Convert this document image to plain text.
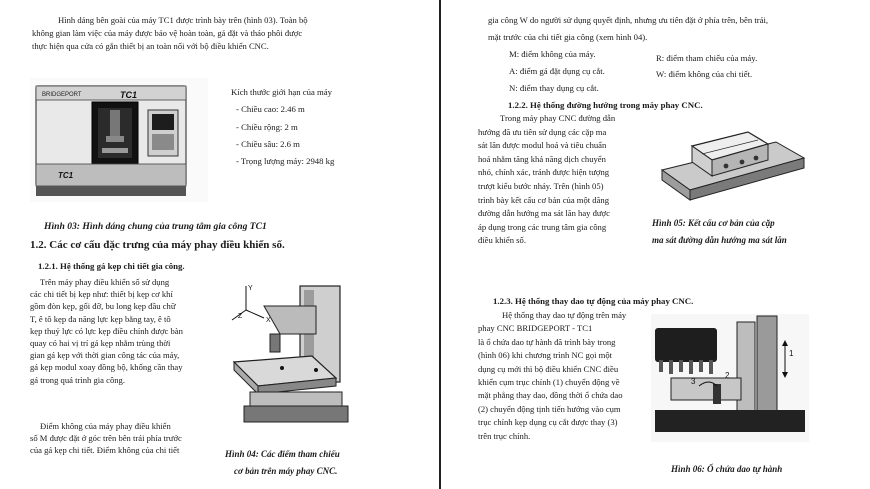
Hình dáng bên goài của máy TC1 được trình bày trên (hình 03). Toàn bộ
không gian làm việc của máy được bảo vệ hoàn toàn, gá đặt và tháo phôi được
thực hiện qua cửa có gắn thiết bị an toàn nối với bộ điều khiển CNC.
BRIDGEPORT	TC1
TC1
Kích thước giới hạn của máy
- Chiều cao: 2.46 m
- Chiều rộng: 2 m
- Chiều sâu: 2.6 m
- Trọng lượng máy: 2948 kg
Hình 03: Hình dáng chung của trung tâm gia công TC1
1.2. Các cơ cấu đặc trưng của máy phay điều khiển số.
1.2.1. Hệ thống gá kẹp chi tiết gia công.
Trên máy phay điều khiển số sử dụng
các chi tiết bị kẹp như: thiết bị kẹp cơ khí
gồm đòn kẹp, gối đỡ, bu long kẹp đầu chữ
T, ê tô kẹp đa năng lực kẹp bằng tay, ê tô
kẹp thuỷ lực có lực kẹp điều chỉnh được bàn
quay có hai vị trí gá kẹp nhằm trùng thời
gian gá kẹp với thời gian công tác của máy,
gá kẹp modul xoay đồng bộ, khống cần thay
gá trong quá trình gia công.
Điểm không của máy phay điều khiển
số M được đặt ở góc trên bên trái phía trước
của gá kẹp chi tiết. Điểm không của chi tiết
Z
Y
X
Hình 04: Các điểm tham chiếu
cơ bản trên máy phay CNC.
gia công W do người sử dụng quyết định, nhưng ưu tiên đặt ở phía trên, bên trái,
mặt trước của chi tiết gia công (xem hình 04).
M: điểm không của máy.
A: điểm gá đặt dụng cụ cắt.
N: điểm thay dụng cụ cắt.
R: điểm tham chiếu của máy.
W: điểm không của chi tiết.
1.2.2. Hệ thống đường hướng trong máy phay CNC.
Trong máy phay CNC đường dẫn
hướng đã ưu tiên sử dụng các cặp ma
sát lăn được modul hoá và tiêu chuẩn
hoá nhằm tăng khả năng dịch chuyển
nhỏ, chính xác, tránh được hiện tượng
trượt kiểu bước nhảy. Trên (hình 05)
trình bày kết cấu cơ bản của một dãng
đường dẫn hướng ma sát lăn hay được
áp dụng trong các trung tâm gia công
điều khiển số.
Hình 05: Kết cấu cơ bản của cặp
ma sát đường dẫn hướng ma sát lăn
1.2.3. Hệ thống thay dao tự động của máy phay CNC.
Hệ thống thay dao tự động trên máy
phay CNC BRIDGEPORT - TC1
là ổ chứa dao tự hành đã trình bày trong
(hình 06) khi chương trình NC gọi một
dụng cụ mới thì bộ điều khiển CNC điều
khiển cụm trục chính (1) chuyển động về
mặt phẳng thay dao, đồng thời ổ chứa dao
(2) chuyển động tịnh tiến hướng vào cụm
trục chính kẹp dụng cụ cắt được thay (3)
trên trục chính.
1
2
3
Hình 06: Ổ chứa dao tự hành
